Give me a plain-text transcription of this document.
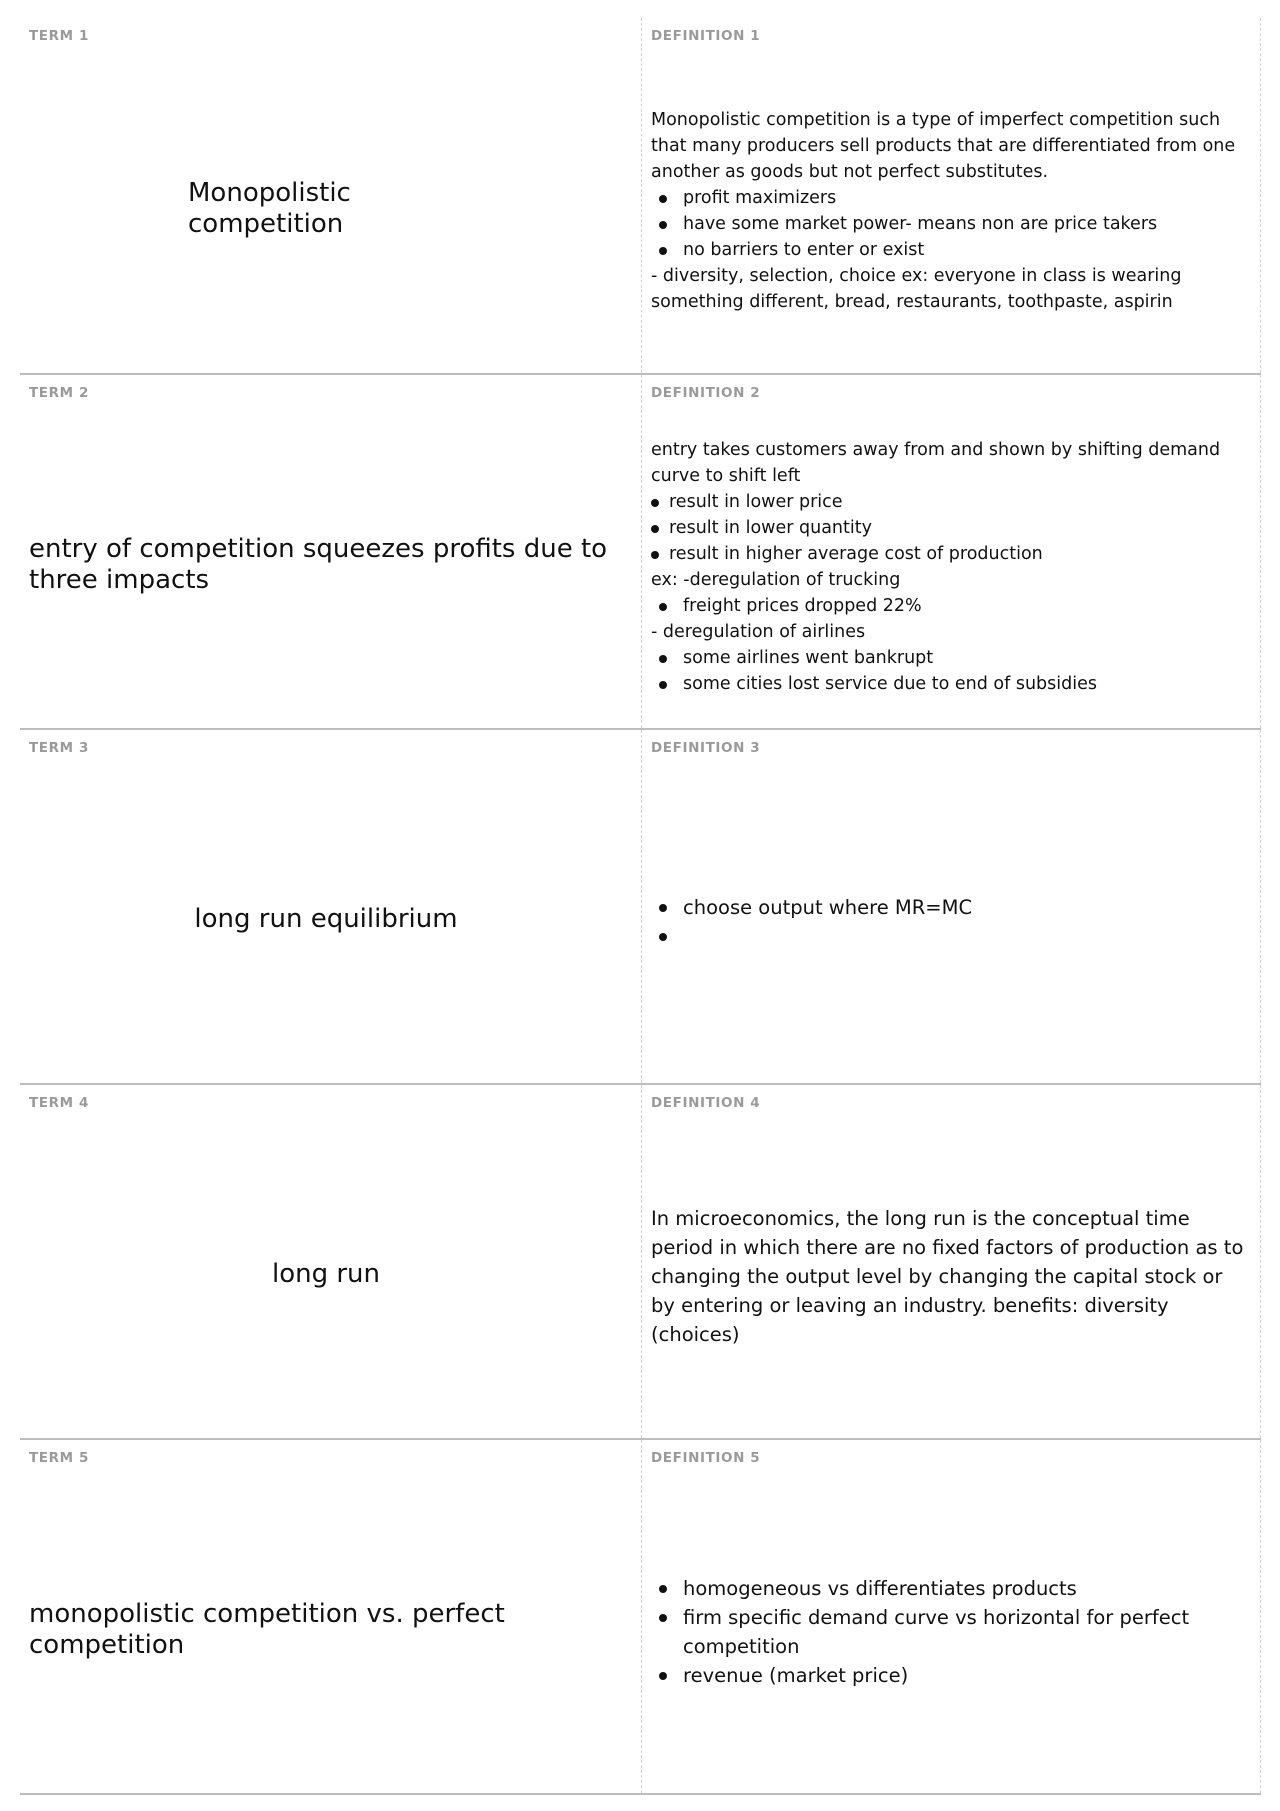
TERM 1
Monopolistic competition
DEFINITION 1
Monopolistic competition is a type of imperfect competition such that many producers sell products that are differentiated from one another as goods but not perfect substitutes.
profit maximizers
have some market power- means non are price takers
no barriers to enter or exist
- diversity, selection, choice ex: everyone in class is wearing something different, bread, restaurants, toothpaste, aspirin
TERM 2
entry of competition squeezes profits due to three impacts
DEFINITION 2
entry takes customers away from and shown by shifting demand curve to shift left
result in lower price
result in lower quantity
result in higher average cost of production
ex: -deregulation of trucking
freight prices dropped 22%
- deregulation of airlines
some airlines went bankrupt
some cities lost service due to end of subsidies
TERM 3
long run equilibrium
DEFINITION 3
choose output where MR=MC
TERM 4
long run
DEFINITION 4
In microeconomics, the long run is the conceptual time period in which there are no fixed factors of production as to changing the output level by changing the capital stock or by entering or leaving an industry. benefits: diversity (choices)
TERM 5
monopolistic competition vs. perfect competition
DEFINITION 5
homogeneous vs differentiates products
firm specific demand curve vs horizontal for perfect competition
revenue (market price)
